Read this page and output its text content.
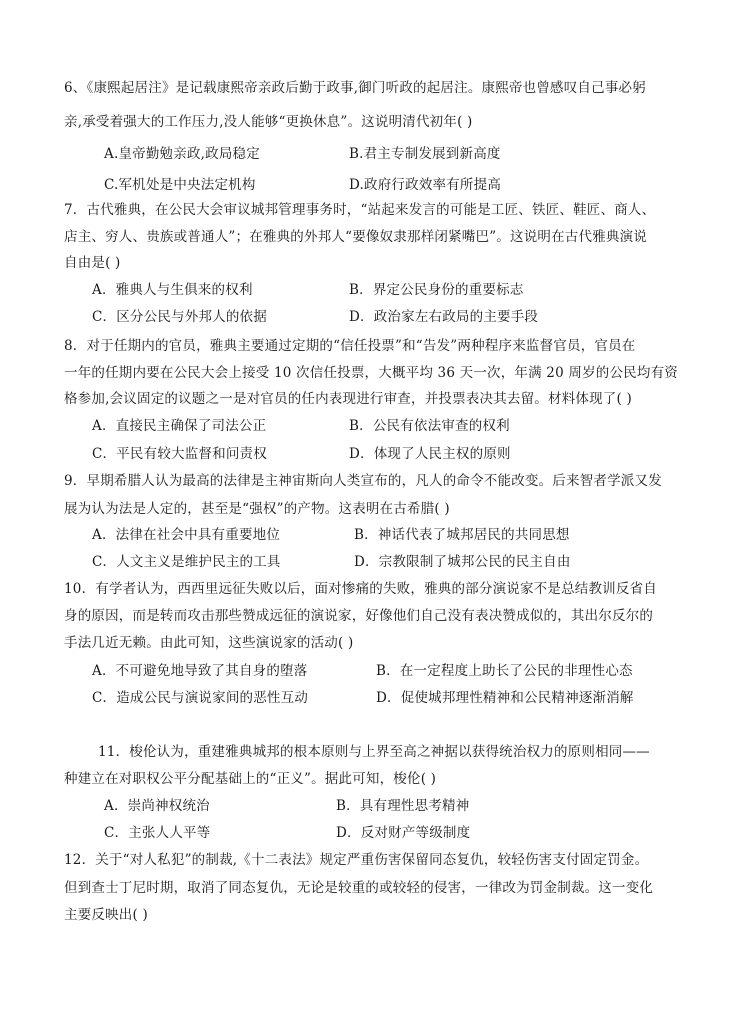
6、《康熙起居注》是记载康熙帝亲政后勤于政事,御门听政的起居注。康熙帝也曾感叹自己事必躬
亲,承受着强大的工作压力,没人能够“更换休息”。这说明清代初年( )
A.皇帝勤勉亲政,政局稳定	B.君主专制发展到新高度
C.军机处是中央法定机构	D.政府行政效率有所提高
7．古代雅典，在公民大会审议城邦管理事务时，“站起来发言的可能是工匠、铁匠、鞋匠、商人、
店主、穷人、贵族或普通人”；在雅典的外邦人“要像奴隶那样闭紧嘴巴”。这说明在古代雅典演说
自由是( )
A．雅典人与生俱来的权利	B．界定公民身份的重要标志
C．区分公民与外邦人的依据	D．政治家左右政局的主要手段
8．对于任期内的官员，雅典主要通过定期的“信任投票”和“告发”两种程序来监督官员，官员在
一年的任期内要在公民大会上接受 10 次信任投票，大概平均 36 天一次，年满 20 周岁的公民均有资
格参加,会议固定的议题之一是对官员的任内表现进行审查，并投票表决其去留。材料体现了( )
A．直接民主确保了司法公正	B．公民有依法审查的权利
C．平民有较大监督和问责权	D．体现了人民主权的原则
9．早期希腊人认为最高的法律是主神宙斯向人类宣布的，凡人的命令不能改变。后来智者学派又发
展为认为法是人定的，甚至是“强权”的产物。这表明在古希腊( )
A．法律在社会中具有重要地位	B．神话代表了城邦居民的共同思想
C．人文主义是维护民主的工具	D．宗教限制了城邦公民的民主自由
10．有学者认为，西西里远征失败以后，面对惨痛的失败，雅典的部分演说家不是总结教训反省自
身的原因，而是转而攻击那些赞成远征的演说家，好像他们自己没有表决赞成似的，其出尔反尔的
手法几近无赖。由此可知，这些演说家的活动( )
A．不可避免地导致了其自身的堕落	B．在一定程度上助长了公民的非理性心态
C．造成公民与演说家间的恶性互动	D．促使城邦理性精神和公民精神逐渐消解
11．梭伦认为，重建雅典城邦的根本原则与上界至高之神据以获得统治权力的原则相同——
种建立在对职权公平分配基础上的“正义”。据此可知，梭伦( )
A．崇尚神权统治	B．具有理性思考精神
C．主张人人平等	D．反对财产等级制度
12．关于“对人私犯”的制裁,《十二表法》规定严重伤害保留同态复仇，较轻伤害支付固定罚金。
但到查士丁尼时期，取消了同态复仇，无论是较重的或较轻的侵害，一律改为罚金制裁。这一变化
主要反映出( )
